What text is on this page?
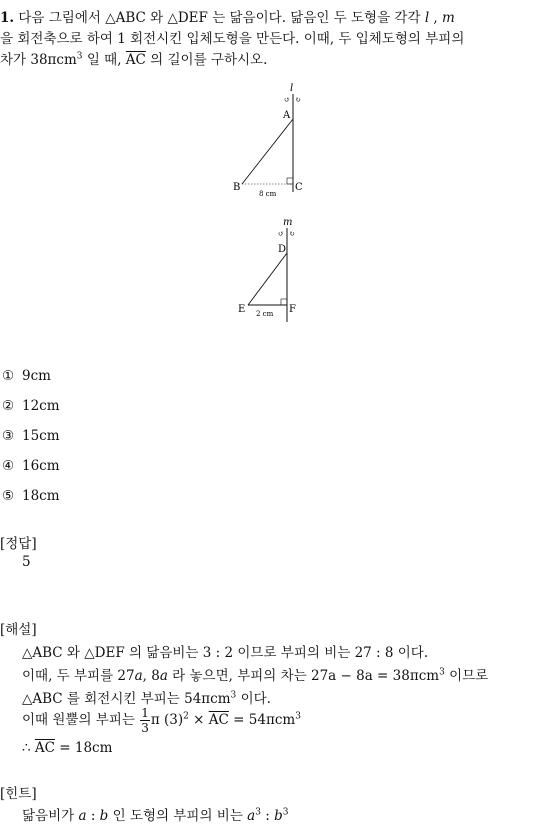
1. 다음 그림에서 △ABC 와 △DEF 는 닮음이다. 닮음인 두 도형을 각각 l , m
을 회전축으로 하여 1 회전시킨 입체도형을 만든다. 이때, 두 입체도형의 부피의
차가 38πcm$^3$ 일 때, $\overline{AC}$ 의 길이를 구하시오.
l
↺ ↻
A
B	C
8 cm
m
↺ ↻
D
E	F
2 cm
① 9cm
② 12cm
③ 15cm
④ 16cm
⑤ 18cm
[정답]
5
[해설]
△ABC 와 △DEF 의 닮음비는 3 : 2 이므로 부피의 비는 27 : 8 이다.
이때, 두 부피를 27a, 8a 라 놓으면, 부피의 차는 27a − 8a = 38πcm$^3$ 이므로
△ABC 를 회전시킨 부피는 54πcm$^3$ 이다.
이때 원뿔의 부피는 $\frac{1}{3}$ π $(3)^2 \times \overline{AC} = 54\pi cm^3$
∴ $\overline{AC} = 18cm$
[힌트]
닮음비가 a : b 인 도형의 부피의 비는 $a^3$ : $b^3$
